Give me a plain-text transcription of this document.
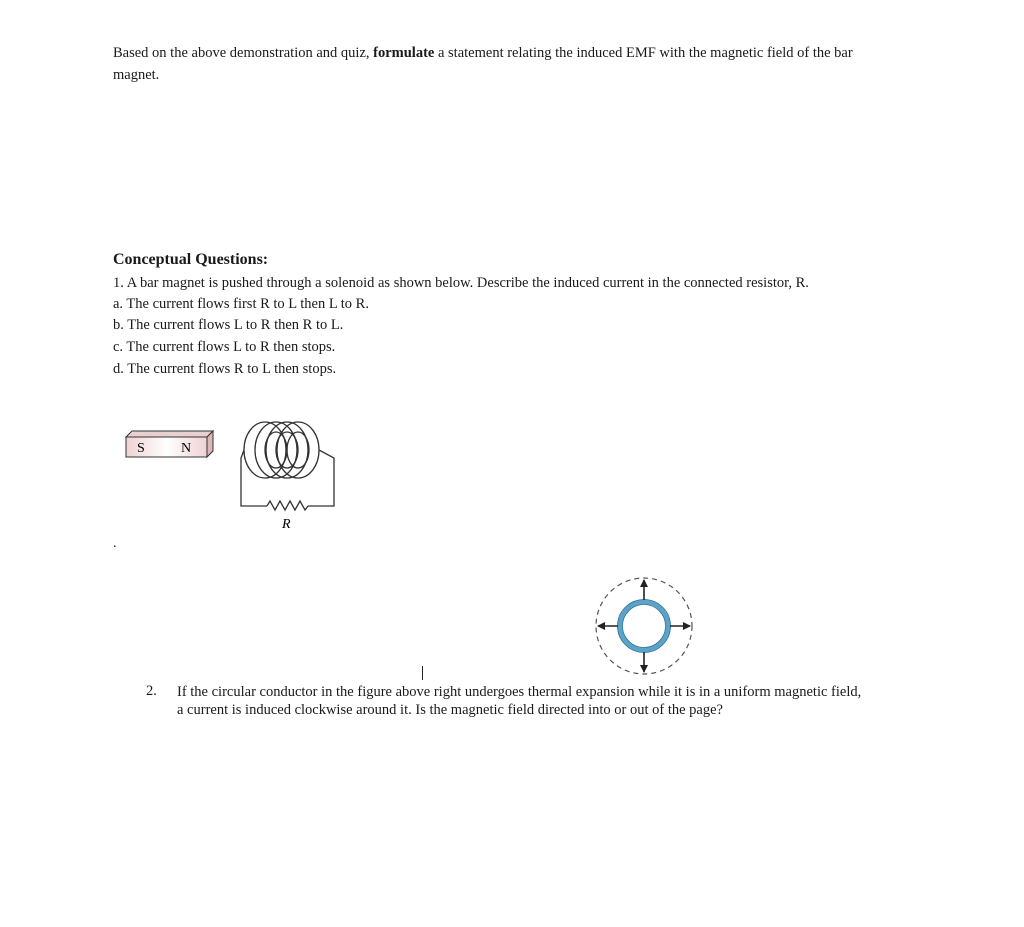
Based on the above demonstration and quiz, formulate a statement relating the induced EMF with the magnetic field of the bar
magnet.
Conceptual Questions:
1. A bar magnet is pushed through a solenoid as shown below. Describe the induced current in the connected resistor, R.
a. The current flows first R to L then L to R.
b. The current flows L to R then R to L.
c. The current flows L to R then stops.
d. The current flows R to L then stops.
S	N
R
.
2. If the circular conductor in the figure above right undergoes thermal expansion while it is in a uniform magnetic field,
a current is induced clockwise around it. Is the magnetic field directed into or out of the page?
